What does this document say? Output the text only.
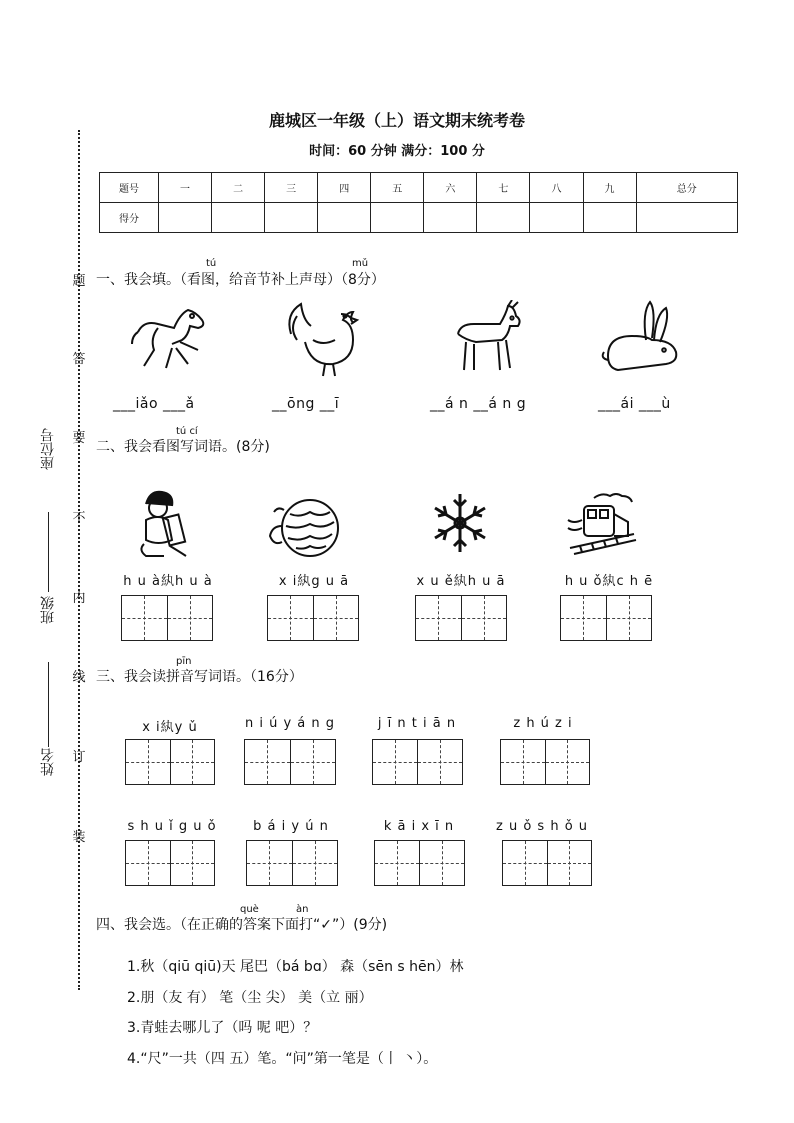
题
答
要
不
内
线
订
装
座位号
班级
姓名
鹿城区一年级（上）语文期末统考卷
时间：60 分钟 满分：100 分
题号	一	二	三	四	五	六	七	八	九	总分
得分										
tú	mǔ
一、我会填。（看图，给音节补上声母）（8分）
___iǎo ___ǎ	__ōng __ī	__á n __á n g	___ái ___ù
tú cí
二、我会看图写词语。(8分)
h u à紈h u à	x i紈g u ā	x u ě紈h u ā	h u ǒ紈c h ē
pīn
三、我会读拼音写词语。（16分）
x i紈y ǔ	n i ú y á n g	j ī n t i ā n	z h ú z i
s h u ǐ g u ǒ	b á i y ú n	k ā i x ī n	z u ǒ s h ǒ u
què	àn
四、我会选。（在正确的答案下面打“✓”）(9分)
1.秋（qiū qiū)天 尾巴（bá bɑ） 森（sēn s hēn）林
2.朋（友 有） 笔（尘 尖） 美（立 丽）
3.青蛙去哪儿了（吗 呢 吧）？
4.“尺”一共（四 五）笔。“问”第一笔是（丨 丶）。
